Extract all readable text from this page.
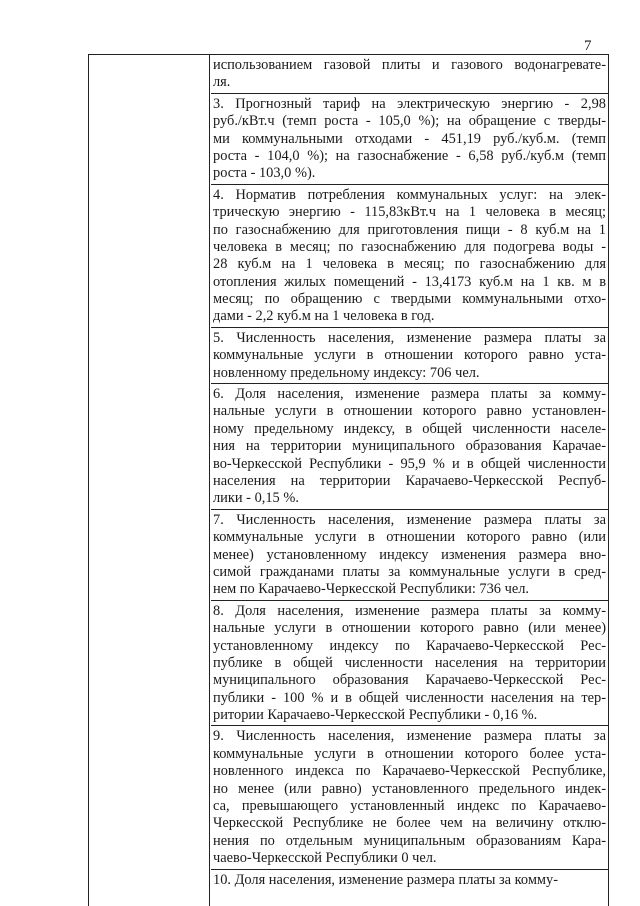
7
использованием газовой плиты и газового водонагревате-
ля.
3. Прогнозный тариф на электрическую энергию - 2,98
руб./кВт.ч (темп роста - 105,0 %); на обращение с тверды-
ми коммунальными отходами - 451,19 руб./куб.м. (темп
роста - 104,0 %); на газоснабжение - 6,58 руб./куб.м (темп
роста - 103,0 %).
4. Норматив потребления коммунальных услуг: на элек-
трическую энергию - 115,83кВт.ч на 1 человека в месяц;
по газоснабжению для приготовления пищи - 8 куб.м на 1
человека в месяц; по газоснабжению для подогрева воды -
28 куб.м на 1 человека в месяц; по газоснабжению для
отопления жилых помещений - 13,4173 куб.м на 1 кв. м в
месяц; по обращению с твердыми коммунальными отхо-
дами - 2,2 куб.м на 1 человека в год.
5. Численность населения, изменение размера платы за
коммунальные услуги в отношении которого равно уста-
новленному предельному индексу: 706 чел.
6. Доля населения, изменение размера платы за комму-
нальные услуги в отношении которого равно установлен-
ному предельному индексу, в общей численности населе-
ния на территории муниципального образования Карачае-
во-Черкесской Республики - 95,9 % и в общей численности
населения на территории Карачаево-Черкесской Респуб-
лики - 0,15 %.
7. Численность населения, изменение размера платы за
коммунальные услуги в отношении которого равно (или
менее) установленному индексу изменения размера вно-
симой гражданами платы за коммунальные услуги в сред-
нем по Карачаево-Черкесской Республики: 736 чел.
8. Доля населения, изменение размера платы за комму-
нальные услуги в отношении которого равно (или менее)
установленному индексу по Карачаево-Черкесской Рес-
публике в общей численности населения на территории
муниципального образования Карачаево-Черкесской Рес-
публики - 100 % и в общей численности населения на тер-
ритории Карачаево-Черкесской Республики - 0,16 %.
9. Численность населения, изменение размера платы за
коммунальные услуги в отношении которого более уста-
новленного индекса по Карачаево-Черкесской Республике,
но менее (или равно) установленного предельного индек-
са, превышающего установленный индекс по Карачаево-
Черкесской Республике не более чем на величину отклю-
нения по отдельным муниципальным образованиям Кара-
чаево-Черкесской Республики 0 чел.
10. Доля населения, изменение размера платы за комму-
